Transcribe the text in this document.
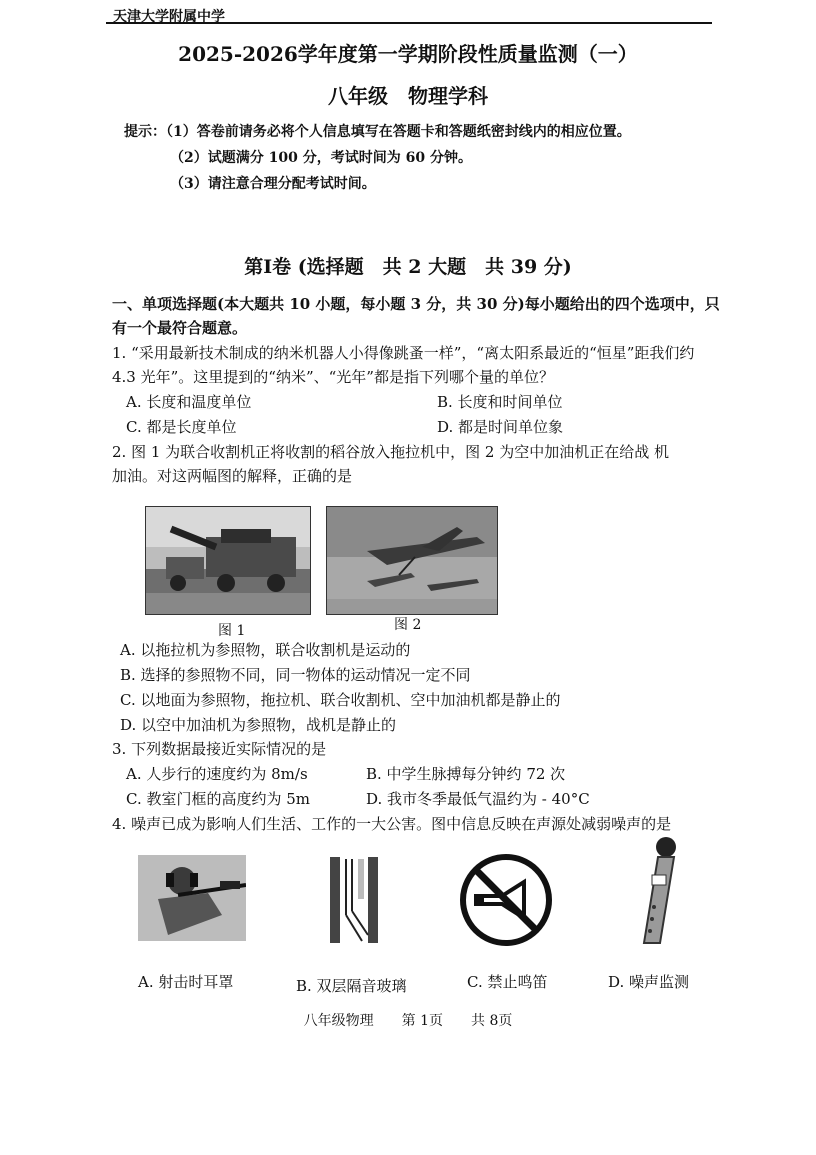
天津大学附属中学
2025-2026学年度第一学期阶段性质量监测（一）
八年级　物理学科
提示：（1）答卷前请务必将个人信息填写在答题卡和答题纸密封线内的相应位置。
（2）试题满分 100 分，考试时间为 60 分钟。
（3）请注意合理分配考试时间。
第I卷 (选择题　共 2 大题　共 39 分)
一、单项选择题(本大题共 10 小题，每小题 3 分，共 30 分)每小题给出的四个选项中，只
有一个最符合题意。
1. “采用最新技术制成的纳米机器人小得像跳蚤一样”，“离太阳系最近的“恒星”距我们约
4.3 光年”。这里提到的“纳米”、“光年”都是指下列哪个量的单位？
A. 长度和温度单位	B. 长度和时间单位
C. 都是长度单位	D. 都是时间单位象
2. 图 1 为联合收割机正将收割的稻谷放入拖拉机中，图 2 为空中加油机正在给战 机
加油。对这两幅图的解释，正确的是
图 1	图 2
A. 以拖拉机为参照物，联合收割机是运动的
B. 选择的参照物不同，同一物体的运动情况一定不同
C. 以地面为参照物，拖拉机、联合收割机、空中加油机都是静止的
D. 以空中加油机为参照物，战机是静止的
3. 下列数据最接近实际情况的是
A. 人步行的速度约为 8m/s	B. 中学生脉搏每分钟约 72 次
C. 教室门框的高度约为 5m	D. 我市冬季最低气温约为 - 40°C
4. 噪声已成为影响人们生活、工作的一大公害。图中信息反映在声源处减弱噪声的是
A. 射击时耳罩	B. 双层隔音玻璃	C. 禁止鸣笛	D. 噪声监测
八年级物理　　第 1页　　共 8页
